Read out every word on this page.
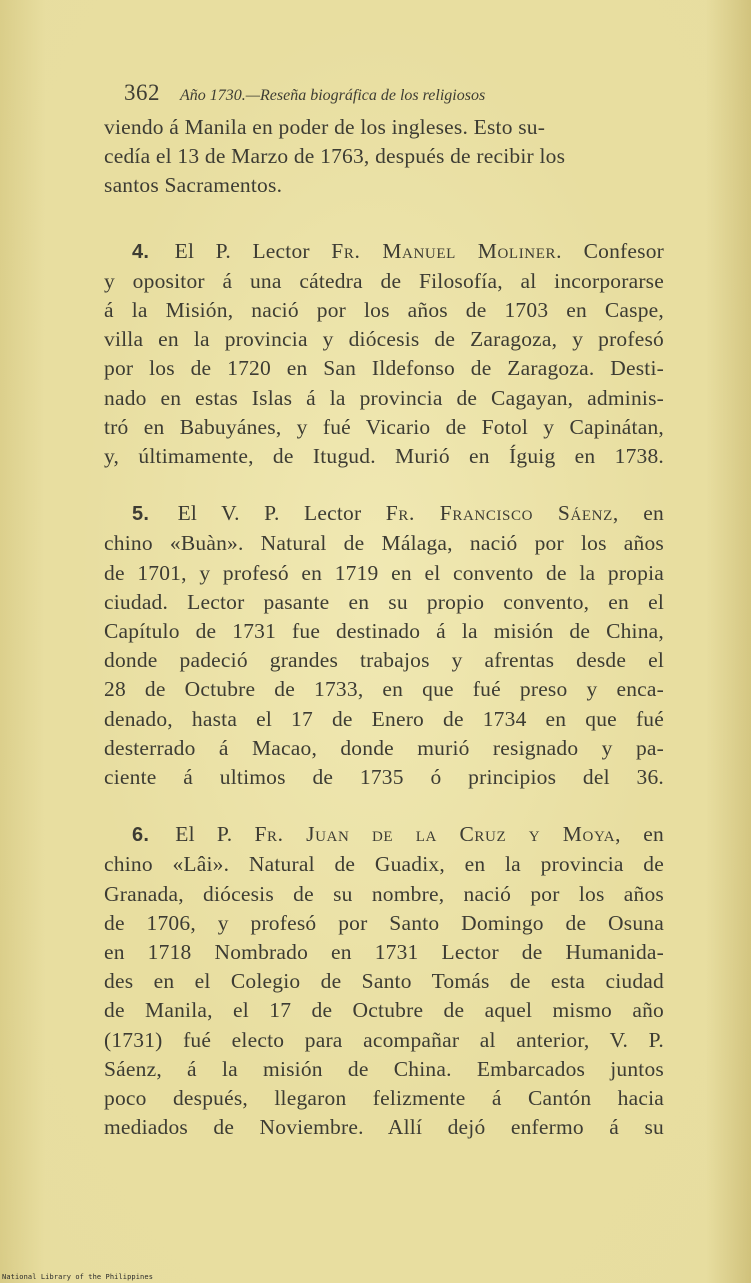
362 Año 1730.—Reseña biográfica de los religiosos

viendo á Manila en poder de los ingleses. Esto su-
cedía el 13 de Marzo de 1763, después de recibir los
santos Sacramentos.

4. El P. Lector Fr. Manuel Moliner. Confesor
y opositor á una cátedra de Filosofía, al incorporarse
á la Misión, nació por los años de 1703 en Caspe,
villa en la provincia y diócesis de Zaragoza, y profesó
por los de 1720 en San Ildefonso de Zaragoza. Desti-
nado en estas Islas á la provincia de Cagayan, adminis-
tró en Babuyánes, y fué Vicario de Fotol y Capinátan,
y, últimamente, de Itugud. Murió en Íguig en 1738.

5. El V. P. Lector Fr. Francisco Sáenz, en
chino «Buàn». Natural de Málaga, nació por los años
de 1701, y profesó en 1719 en el convento de la propia
ciudad. Lector pasante en su propio convento, en el
Capítulo de 1731 fue destinado á la misión de China,
donde padeció grandes trabajos y afrentas desde el
28 de Octubre de 1733, en que fué preso y enca-
denado, hasta el 17 de Enero de 1734 en que fué
desterrado á Macao, donde murió resignado y pa-
ciente á ultimos de 1735 ó principios del 36.

6. El P. Fr. Juan de la Cruz y Moya, en
chino «Lâi». Natural de Guadix, en la provincia de
Granada, diócesis de su nombre, nació por los años
de 1706, y profesó por Santo Domingo de Osuna
en 1718 Nombrado en 1731 Lector de Humanida-
des en el Colegio de Santo Tomás de esta ciudad
de Manila, el 17 de Octubre de aquel mismo año
(1731) fué electo para acompañar al anterior, V. P.
Sáenz, á la misión de China. Embarcados juntos
poco después, llegaron felizmente á Cantón hacia
mediados de Noviembre. Allí dejó enfermo á su

National Library of the Philippines
